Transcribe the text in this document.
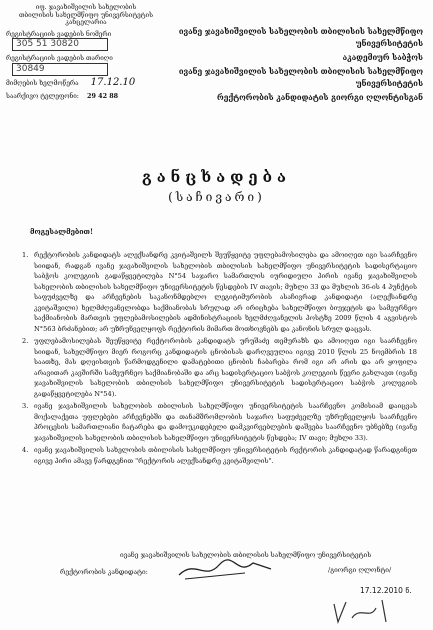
იფ. ჯავახიშვილის სახელობის
თბილისის სახელმწიფო უნივერსიტეტის
კანცელარია
რეგისტრაციის ვადების ნომერი
305 51 30820
რეგისტრაციის ვადების თარიღი
30849
მიმღების ხელმოწერა 17.12.10
საარქივო ტელეფონი: 29 42 88
ივანე ჯავახიშვილის სახელობის თბილისის სახელმწიფო უნივერსიტეტის
აკადემიურ საბჭოს
ივანე ჯავახიშვილის სახელობის თბილისის სახელმწიფო უნივერსიტეტის
რექტორობის კანდიდატის გიორგი ღლონტისგან
განცხადება
(საჩივარი)
მოგესალმებით!
1. რექტორობის კანდიდატს ალექსანდრე კვიტაშვილს შეუწყვიტე უფლებამოსილება და ამოიღეთ იგი საარჩევნო სიიდან, რადგან ივანე ჯავახიშვილის სახელობის თბილისის სახელმწიფო უნივერსიტეტის სადისერტაციო საბჭოს კოლეგიის გადაწყვეტილება N°54 საჯარო სამართლის იურიდიული პირის ივანე ჯავახიშვილის სახელობის თბილისის სახელმწიფო უნივერსიტეტის წესდების IV თავის; მუხლი 33 და მუხლის 36-ის 4 პუნქტის საფუძველზე და არჩევნების საკანონმდებლო ლეგიტიმურობის ასაჩივრად კანდიდატი (ალექსანდრე კვიტაშვილი) ხელმძღვანელობდა საქმიანობას სრულად არ ირიცხება სახელმწიფო ბიუჯეტის და სამეურნეო საქმიანობის მართვის უფლებამოსილების ადმინისტრაციის ხელმძღვანელის პოსტზე 2009 წლის 4 აგვისტოს N°563 ბრძანებით; არ უზრუნველყოფს რექტორის მიმართ მოთხოვნებს და კანონის სრულ დაცვას.
2. უფლებამოსილებას შეუწყვიტე რექტორობის კანდიდატს ურუშაძე თემურაზს და ამოიღეთ იგი საარჩევნო სიიდან, სახელმწიფო მიერ როგორც კანდიდატის ცნობისას დარღვეულია იგივე 2010 წლის 25 ნოემბრის 18 საათზე, მას დღეისთვის წარმოდგენილი დამატებითი ცნობის ჩაბარება რომ იგი არ არის და არ ყოფილა არავითარ კავშირში სამეურნეო საქმიანობაში და არც სადისერტაციო საბჭოს კოლეგიის წევრი გახლავთ (ივანე ჯავახიშვილის სახელობის თბილისის სახელმწიფო უნივერსიტეტის სადისერტაციო საბჭოს კოლეგიის გადაწყვეტილება N°54).
3. ივანე ჯავახიშვილის სახელობის თბილისის სახელმწიფო უნივერსიტეტის საარჩევნო კომისიამ დაიცვას მოქალაქეთა უფლებები არჩევნებში და თანამშრომლობის საჯარო საფუძველზე უზრუნველყოს საარჩევნო პროცესის სამართლიანი ჩატარება და დამოუკიდებელი დამკვირვებლების დაშვება საარჩევნო უბნებზე (ივანე ჯავახიშვილის სახელობის თბილისის სახელმწიფო უნივერსიტეტის წესდება; IV თავი; მუხლი 33).
4. ივანე ჯავახიშვილის სახელობის თბილისის სახელმწიფო უნივერსიტეტის რექტორის კანდიდატად წარადგინეთ იგივე პირი ამავე წარდგენით "რექტორის ალექსანდრე კვიტაშვილის".
ივანე ჯავახიშვილის სახელობის თბილისის სახელმწიფო უნივერსიტეტის
რექტორობის კანდიდატი:	/გიორგი ღლონტი/
17.12.2010 წ.
